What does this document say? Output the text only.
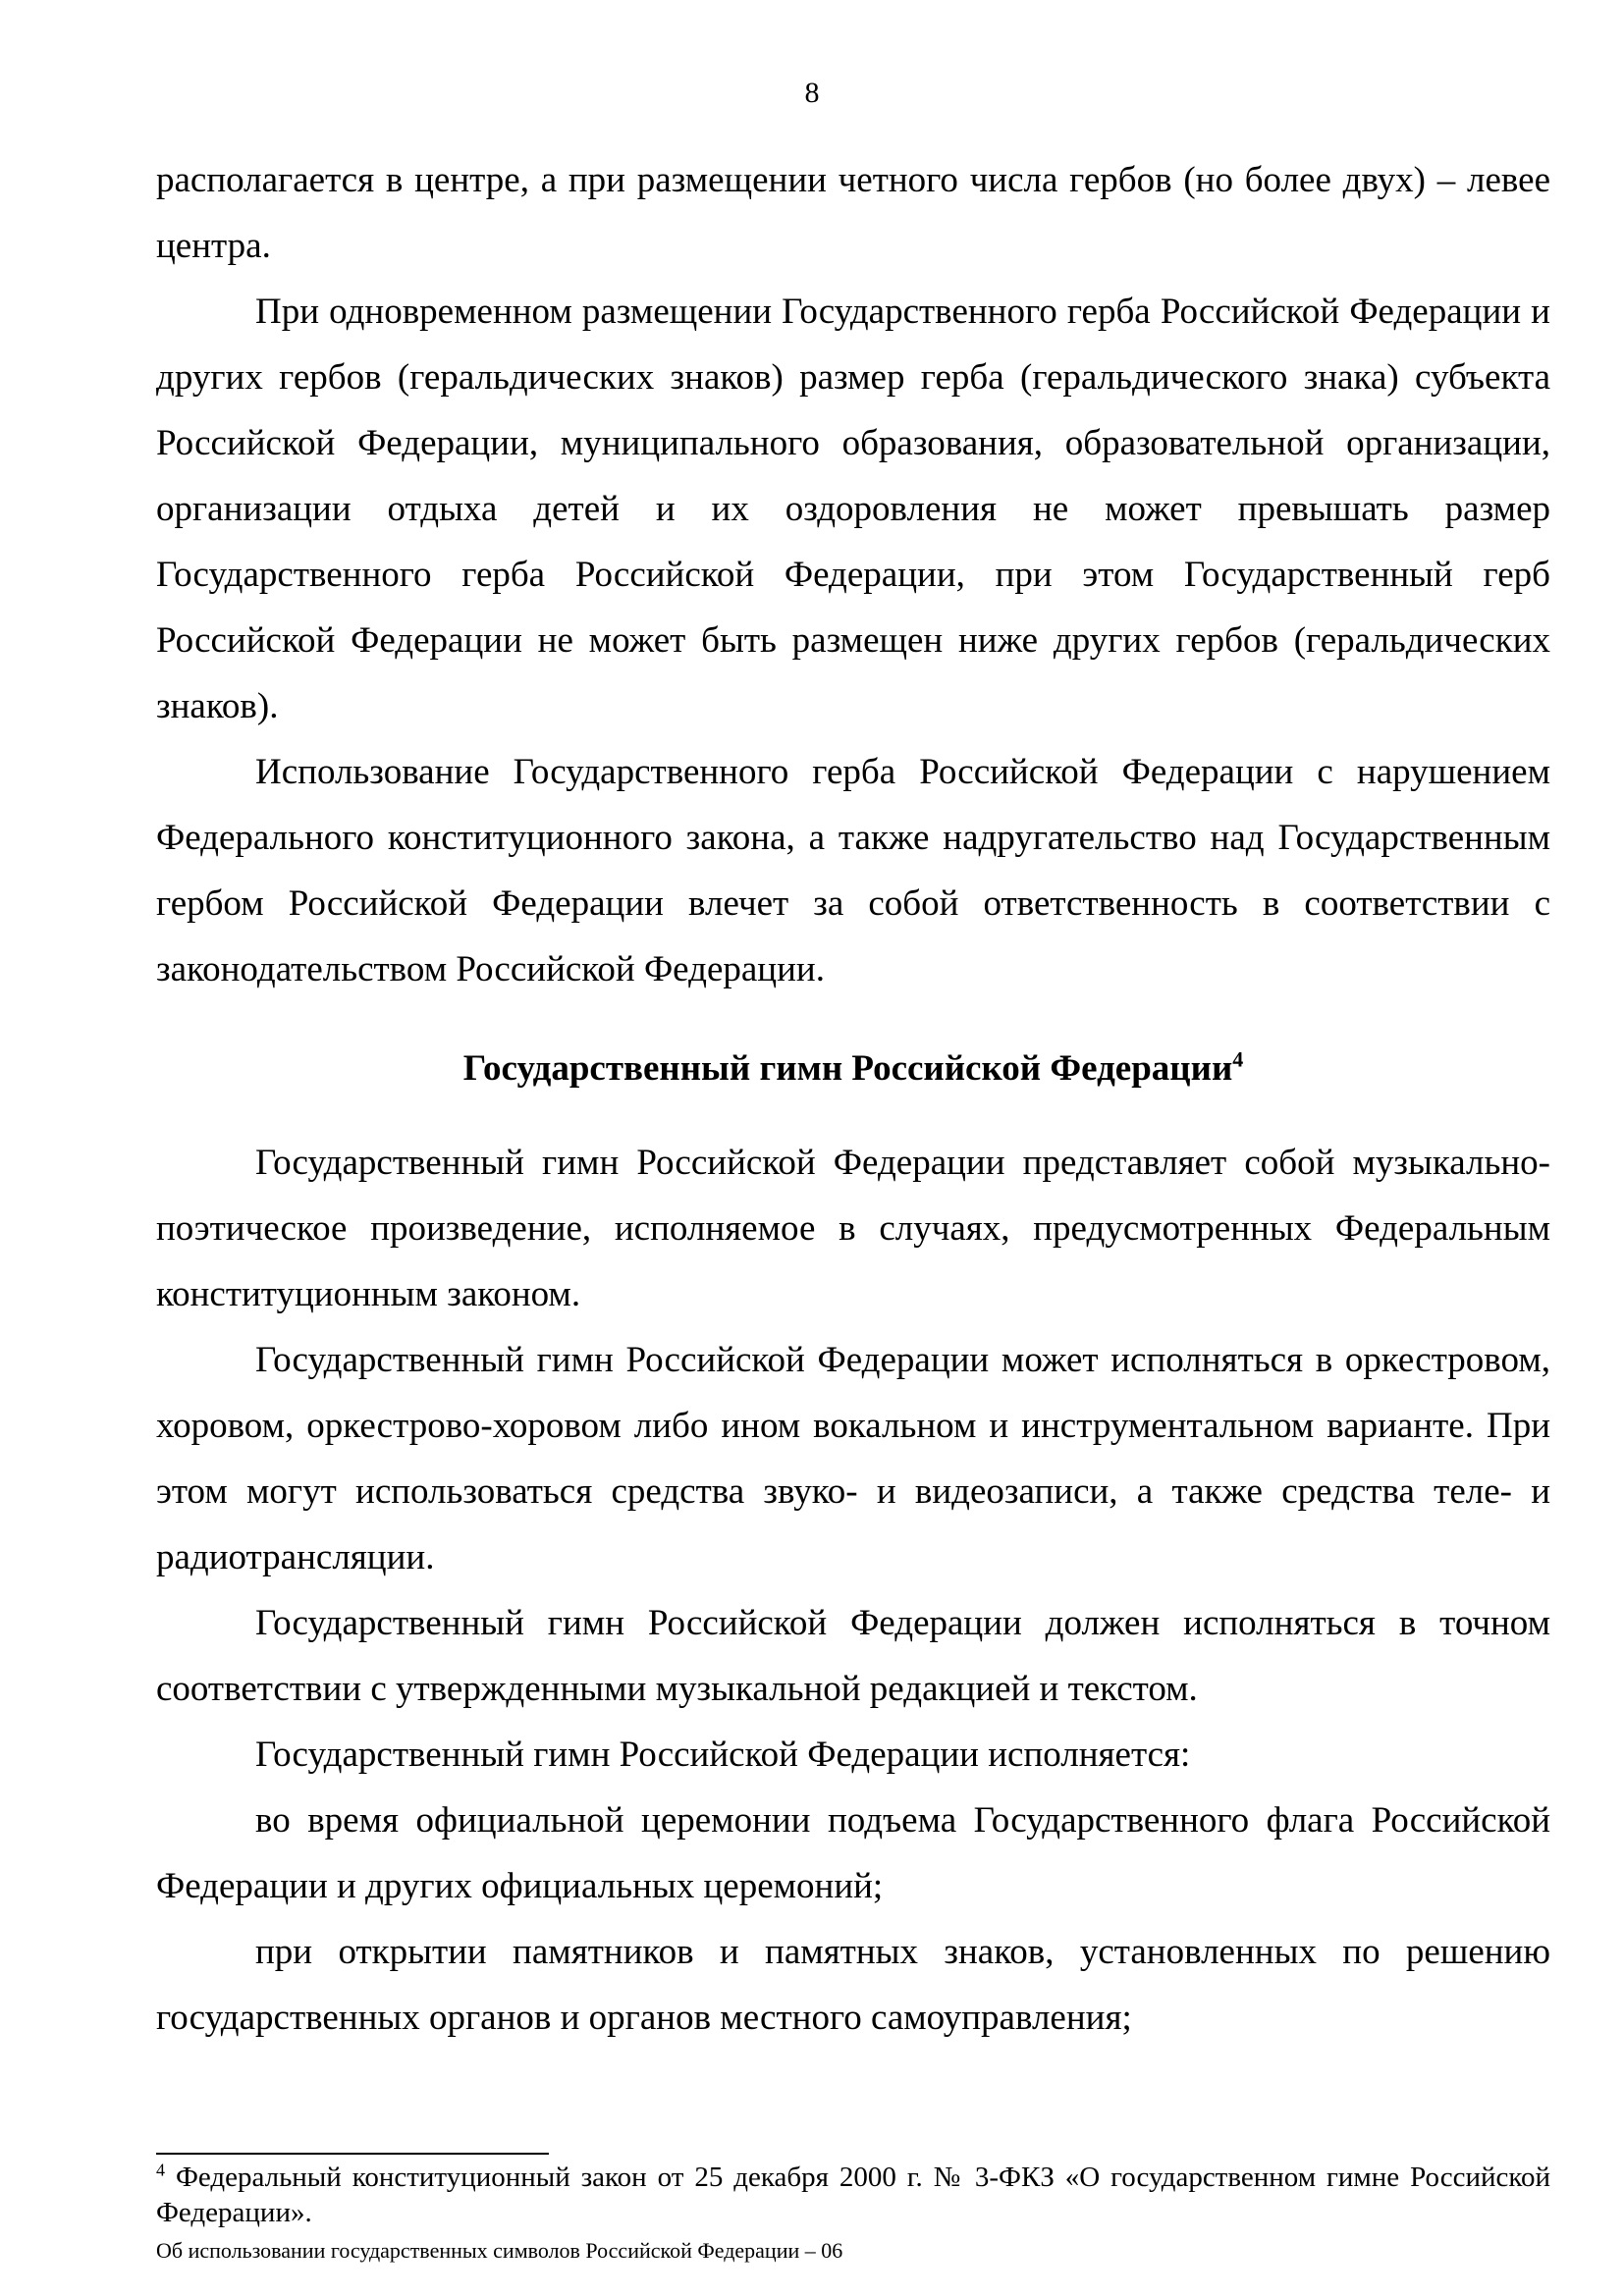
8

располагается в центре, а при размещении четного числа гербов (но более двух) – левее центра.

При одновременном размещении Государственного герба Российской Федерации и других гербов (геральдических знаков) размер герба (геральдического знака) субъекта Российской Федерации, муниципального образования, образовательной организации, организации отдыха детей и их оздоровления не может превышать размер Государственного герба Российской Федерации, при этом Государственный герб Российской Федерации не может быть размещен ниже других гербов (геральдических знаков).

Использование Государственного герба Российской Федерации с нарушением Федерального конституционного закона, а также надругательство над Государственным гербом Российской Федерации влечет за собой ответственность в соответствии с законодательством Российской Федерации.

Государственный гимн Российской Федерации$^4$

Государственный гимн Российской Федерации представляет собой музыкально-поэтическое произведение, исполняемое в случаях, предусмотренных Федеральным конституционным законом.

Государственный гимн Российской Федерации может исполняться в оркестровом, хоровом, оркестрово-хоровом либо ином вокальном и инструментальном варианте. При этом могут использоваться средства звуко- и видеозаписи, а также средства теле- и радиотрансляции.

Государственный гимн Российской Федерации должен исполняться в точном соответствии с утвержденными музыкальной редакцией и текстом.

Государственный гимн Российской Федерации исполняется:

во время официальной церемонии подъема Государственного флага Российской Федерации и других официальных церемоний;

при открытии памятников и памятных знаков, установленных по решению государственных органов и органов местного самоуправления;

$^4$ Федеральный конституционный закон от 25 декабря 2000 г. № 3-ФКЗ «О государственном гимне Российской Федерации».
Об использовании государственных символов Российской Федерации – 06
